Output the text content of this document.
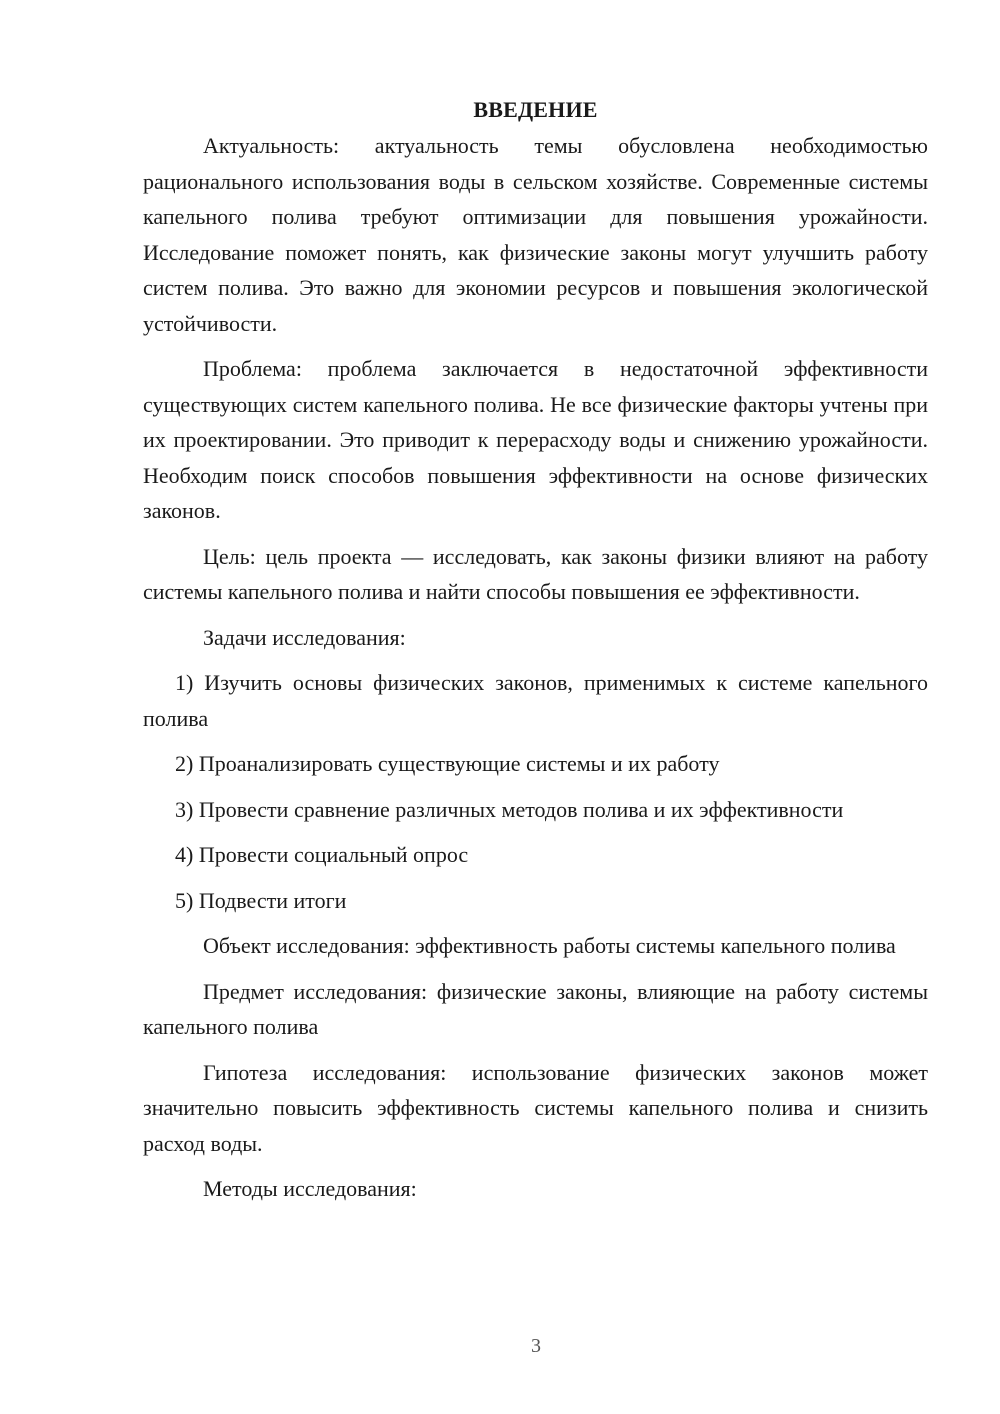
ВВЕДЕНИЕ

Актуальность: актуальность темы обусловлена необходимостью рационального использования воды в сельском хозяйстве. Современные системы капельного полива требуют оптимизации для повышения урожайности. Исследование поможет понять, как физические законы могут улучшить работу систем полива. Это важно для экономии ресурсов и повышения экологической устойчивости.

Проблема: проблема заключается в недостаточной эффективности существующих систем капельного полива. Не все физические факторы учтены при их проектировании. Это приводит к перерасходу воды и снижению урожайности. Необходим поиск способов повышения эффективности на основе физических законов.

Цель: цель проекта — исследовать, как законы физики влияют на работу системы капельного полива и найти способы повышения ее эффективности.

Задачи исследования:

1) Изучить основы физических законов, применимых к системе капельного полива

2) Проанализировать существующие системы и их работу

3) Провести сравнение различных методов полива и их эффективности

4) Провести социальный опрос

5) Подвести итоги

Объект исследования: эффективность работы системы капельного полива

Предмет исследования: физические законы, влияющие на работу системы капельного полива

Гипотеза исследования: использование физических законов может значительно повысить эффективность системы капельного полива и снизить расход воды.

Методы исследования:

3
